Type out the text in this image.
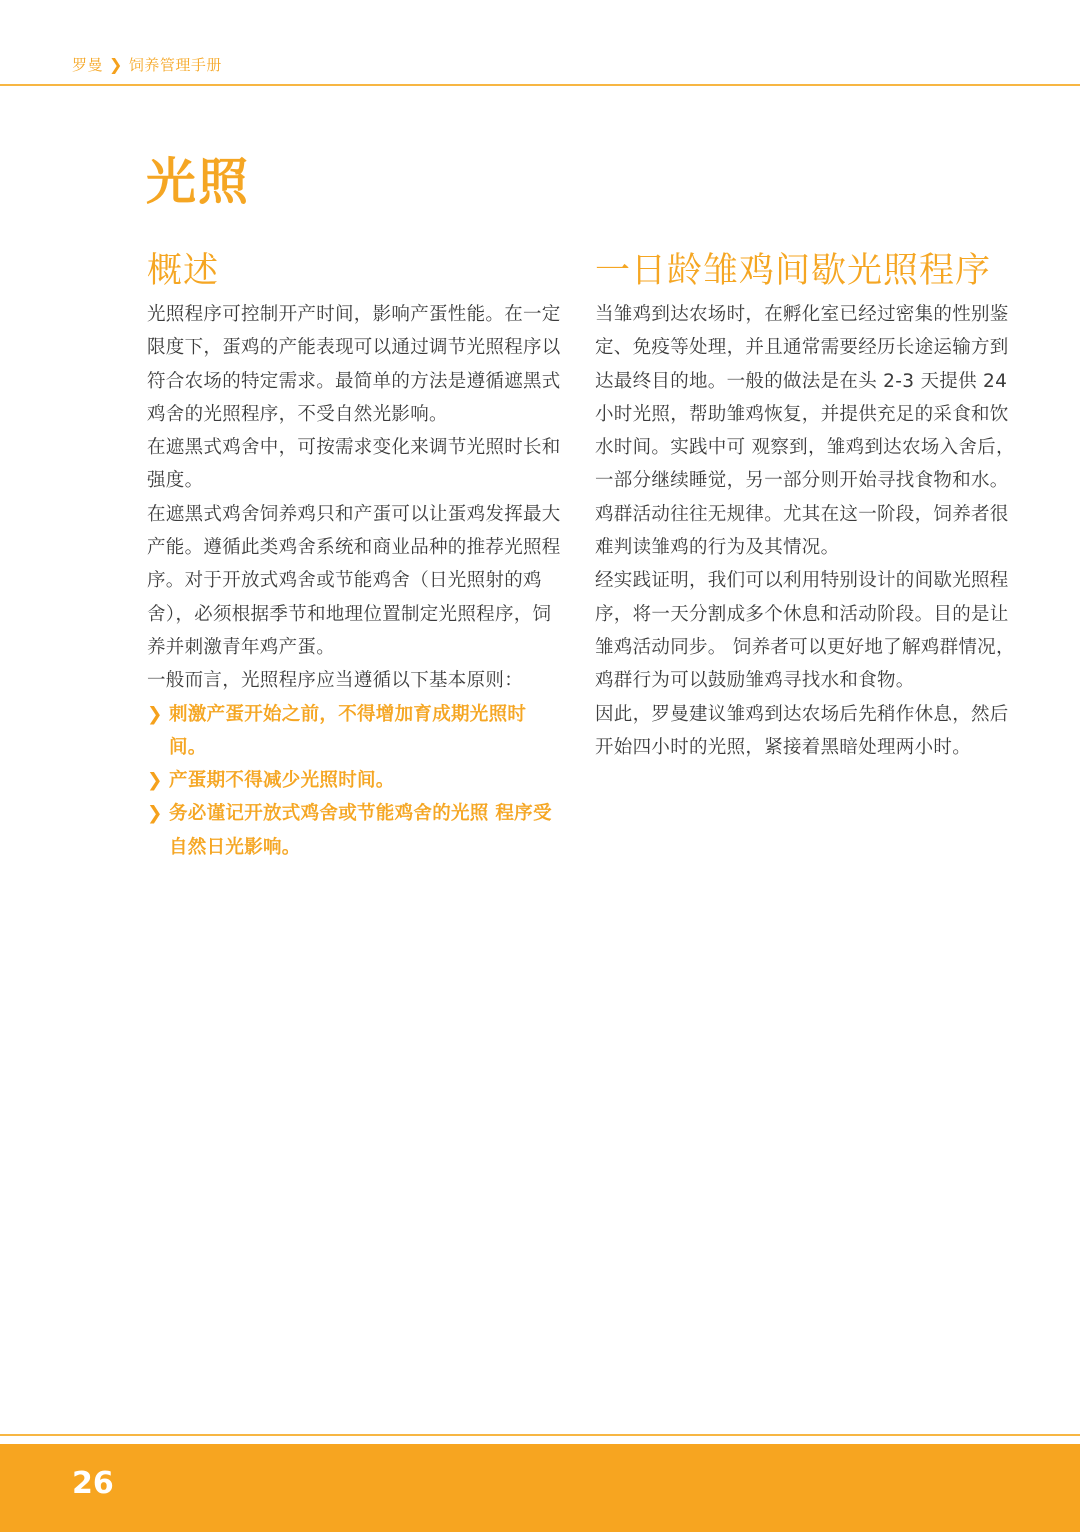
罗曼 ❯ 饲养管理手册
光照
概述

光照程序可控制开产时间，影响产蛋性能。在一定限度下，蛋鸡的产能表现可以通过调节光照程序以符合农场的特定需求。最简单的方法是遵循遮黑式鸡舍的光照程序，不受自然光影响。

在遮黑式鸡舍中，可按需求变化来调节光照时长和强度。

在遮黑式鸡舍饲养鸡只和产蛋可以让蛋鸡发挥最大产能。遵循此类鸡舍系统和商业品种的推荐光照程序。对于开放式鸡舍或节能鸡舍（日光照射的鸡舍），必须根据季节和地理位置制定光照程序，饲养并刺激青年鸡产蛋。

一般而言，光照程序应当遵循以下基本原则：

❯ 刺激产蛋开始之前，不得增加育成期光照时间。
❯ 产蛋期不得减少光照时间。
❯ 务必谨记开放式鸡舍或节能鸡舍的光照 程序受自然日光影响。
一日龄雏鸡间歇光照程序

当雏鸡到达农场时，在孵化室已经过密集的性别鉴定、免疫等处理，并且通常需要经历长途运输方到达最终目的地。一般的做法是在头 2-3 天提供 24 小时光照，帮助雏鸡恢复，并提供充足的采食和饮水时间。实践中可 观察到，雏鸡到达农场入舍后，一部分继续睡觉，另一部分则开始寻找食物和水。鸡群活动往往无规律。尤其在这一阶段，饲养者很难判读雏鸡的行为及其情况。

经实践证明，我们可以利用特别设计的间歇光照程序，将一天分割成多个休息和活动阶段。目的是让雏鸡活动同步。 饲养者可以更好地了解鸡群情况，鸡群行为可以鼓励雏鸡寻找水和食物。

因此，罗曼建议雏鸡到达农场后先稍作休息，然后开始四小时的光照，紧接着黑暗处理两小时。

26
